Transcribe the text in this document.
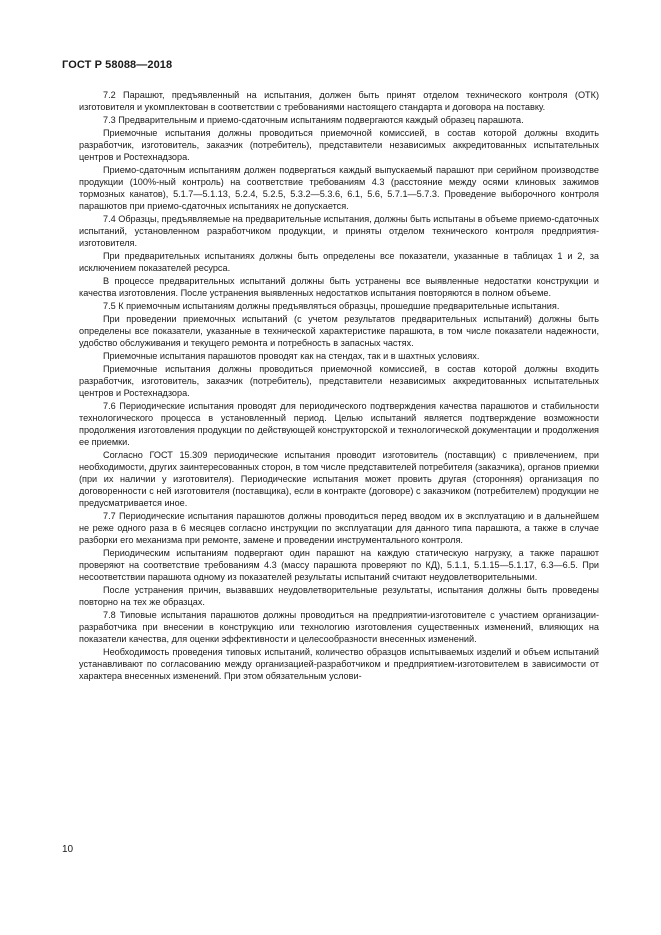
ГОСТ Р 58088—2018

7.2 Парашют, предъявленный на испытания, должен быть принят отделом технического контроля (ОТК) изготовителя и укомплектован в соответствии с требованиями настоящего стандарта и договора на поставку.

7.3 Предварительным и приемо-сдаточным испытаниям подвергаются каждый образец парашюта.

Приемочные испытания должны проводиться приемочной комиссией, в состав которой должны входить разработчик, изготовитель, заказчик (потребитель), представители независимых аккредитованных испытательных центров и Ростехнадзора.

Приемо-сдаточным испытаниям должен подвергаться каждый выпускаемый парашют при серийном производстве продукции (100%-ный контроль) на соответствие требованиям 4.3 (расстояние между осями клиновых зажимов тормозных канатов), 5.1.7—5.1.13, 5.2.4, 5.2.5, 5.3.2—5.3.6, 6.1, 5.6, 5.7.1—5.7.3. Проведение выборочного контроля парашютов при приемо-сдаточных испытаниях не допускается.

7.4 Образцы, предъявляемые на предварительные испытания, должны быть испытаны в объеме приемо-сдаточных испытаний, установленном разработчиком продукции, и приняты отделом технического контроля предприятия-изготовителя.

При предварительных испытаниях должны быть определены все показатели, указанные в таблицах 1 и 2, за исключением показателей ресурса.

В процессе предварительных испытаний должны быть устранены все выявленные недостатки конструкции и качества изготовления. После устранения выявленных недостатков испытания повторяются в полном объеме.

7.5 К приемочным испытаниям должны предъявляться образцы, прошедшие предварительные испытания.

При проведении приемочных испытаний (с учетом результатов предварительных испытаний) должны быть определены все показатели, указанные в технической характеристике парашюта, в том числе показатели надежности, удобство обслуживания и текущего ремонта и потребность в запасных частях.

Приемочные испытания парашютов проводят как на стендах, так и в шахтных условиях.

Приемочные испытания должны проводиться приемочной комиссией, в состав которой должны входить разработчик, изготовитель, заказчик (потребитель), представители независимых аккредитованных испытательных центров и Ростехнадзора.

7.6 Периодические испытания проводят для периодического подтверждения качества парашютов и стабильности технологического процесса в установленный период. Целью испытаний является подтверждение возможности продолжения изготовления продукции по действующей конструкторской и технологической документации и продолжения ее приемки.

Согласно ГОСТ 15.309 периодические испытания проводит изготовитель (поставщик) с привлечением, при необходимости, других заинтересованных сторон, в том числе представителей потребителя (заказчика), органов приемки (при их наличии у изготовителя). Периодические испытания может провить другая (сторонняя) организация по договоренности с ней изготовителя (поставщика), если в контракте (договоре) с заказчиком (потребителем) продукции не предусматривается иное.

7.7 Периодические испытания парашютов должны проводиться перед вводом их в эксплуатацию и в дальнейшем не реже одного раза в 6 месяцев согласно инструкции по эксплуатации для данного типа парашюта, а также в случае разборки его механизма при ремонте, замене и проведении инструментального контроля.

Периодическим испытаниям подвергают один парашют на каждую статическую нагрузку, а также парашют проверяют на соответствие требованиям 4.3 (массу парашюта проверяют по КД), 5.1.1, 5.1.15—5.1.17, 6.3—6.5. При несоответствии парашюта одному из показателей результаты испытаний считают неудовлетворительными.

После устранения причин, вызвавших неудовлетворительные результаты, испытания должны быть проведены повторно на тех же образцах.

7.8 Типовые испытания парашютов должны проводиться на предприятии-изготовителе с участием организации-разработчика при внесении в конструкцию или технологию изготовления существенных изменений, влияющих на показатели качества, для оценки эффективности и целесообразности внесенных изменений.

Необходимость проведения типовых испытаний, количество образцов испытываемых изделий и объем испытаний устанавливают по согласованию между организацией-разработчиком и предприятием-изготовителем в зависимости от характера внесенных изменений. При этом обязательным услови-

10
